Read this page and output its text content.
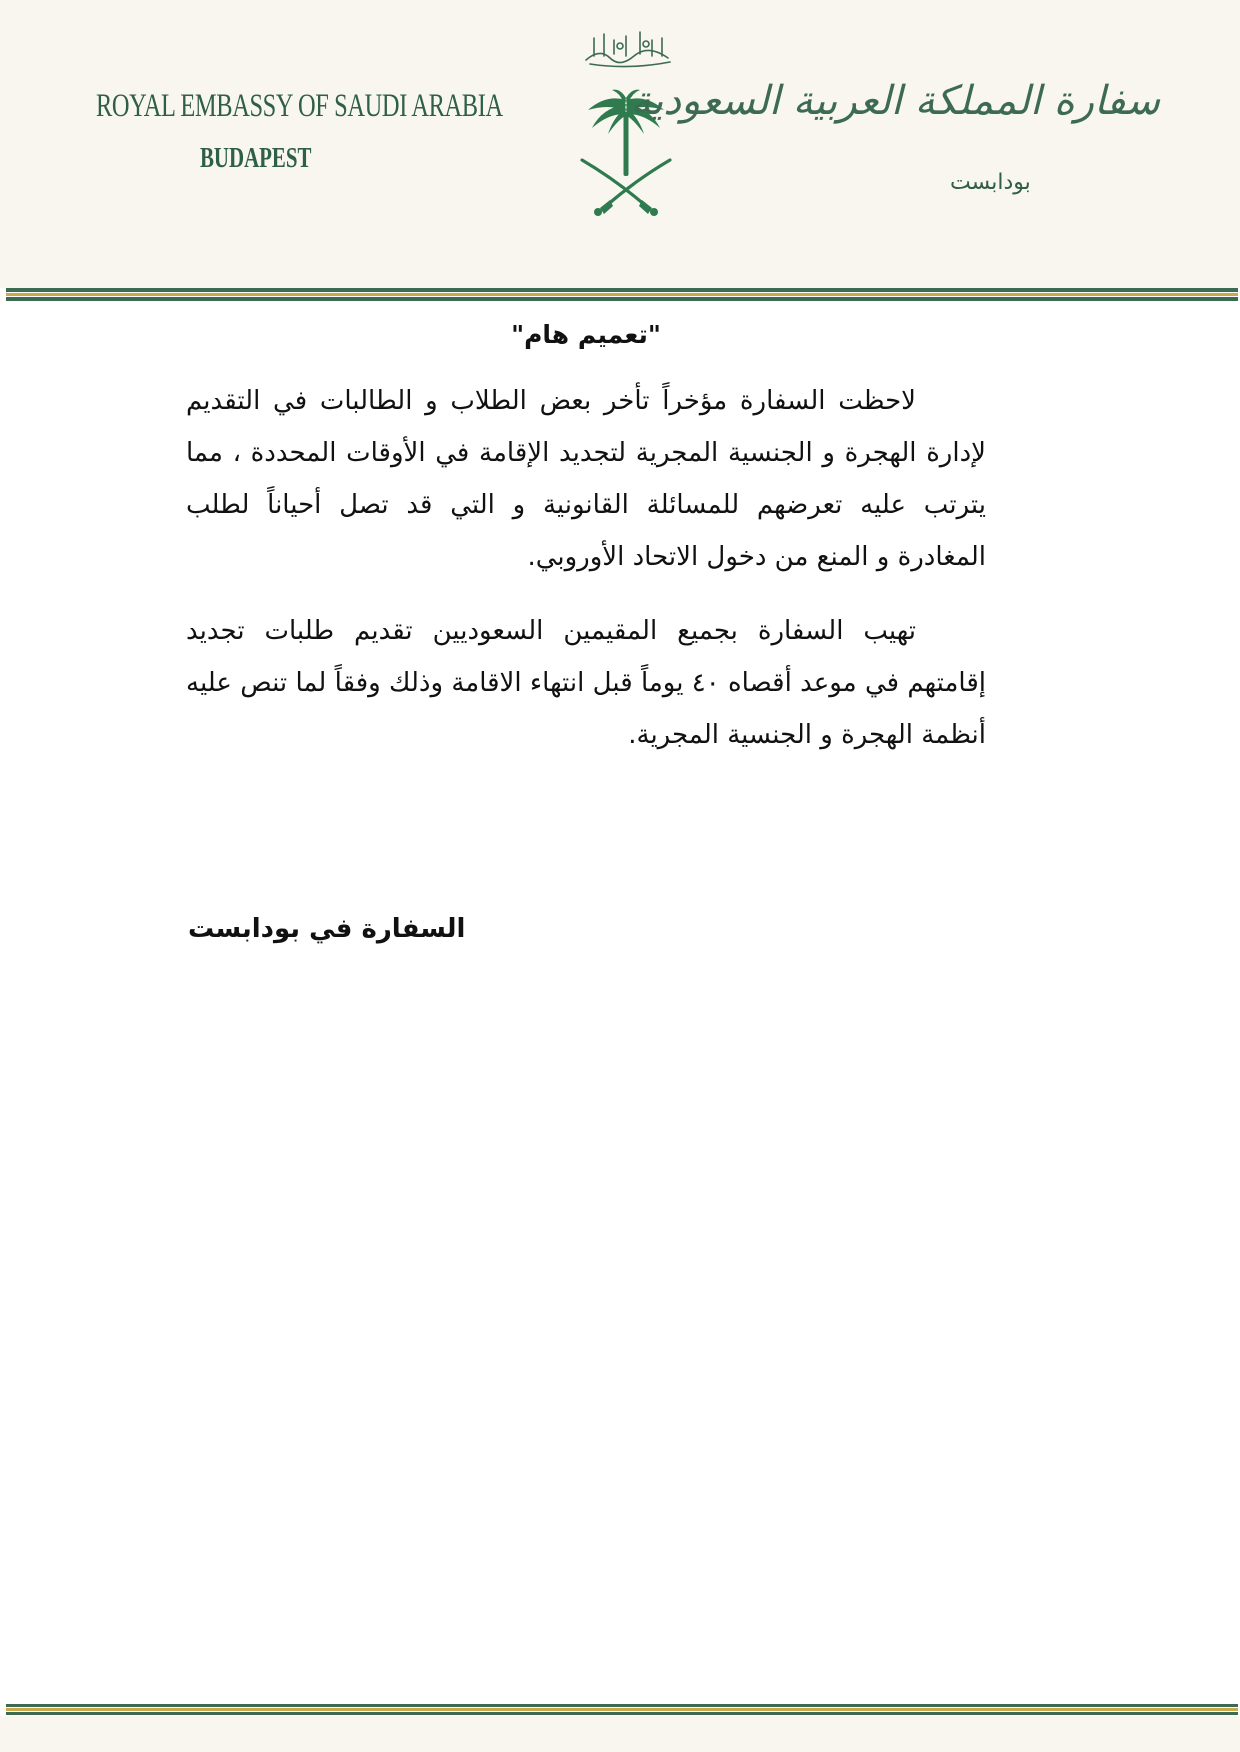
ROYAL EMBASSY OF SAUDI ARABIA
BUDAPEST
سفارة المملكة العربية السعودية
بودابست
"تعميم هام"

لاحظت السفارة مؤخراً تأخر بعض الطلاب و الطالبات في التقديم لإدارة الهجرة و الجنسية المجرية لتجديد الإقامة في الأوقات المحددة ، مما يترتب عليه تعرضهم للمسائلة القانونية و التي قد تصل أحياناً لطلب المغادرة و المنع من دخول الاتحاد الأوروبي.

تهيب السفارة بجميع المقيمين السعوديين تقديم طلبات تجديد إقامتهم في موعد أقصاه ٤٠ يوماً قبل انتهاء الاقامة وذلك وفقاً لما تنص عليه أنظمة الهجرة و الجنسية المجرية.

السفارة في بودابست
